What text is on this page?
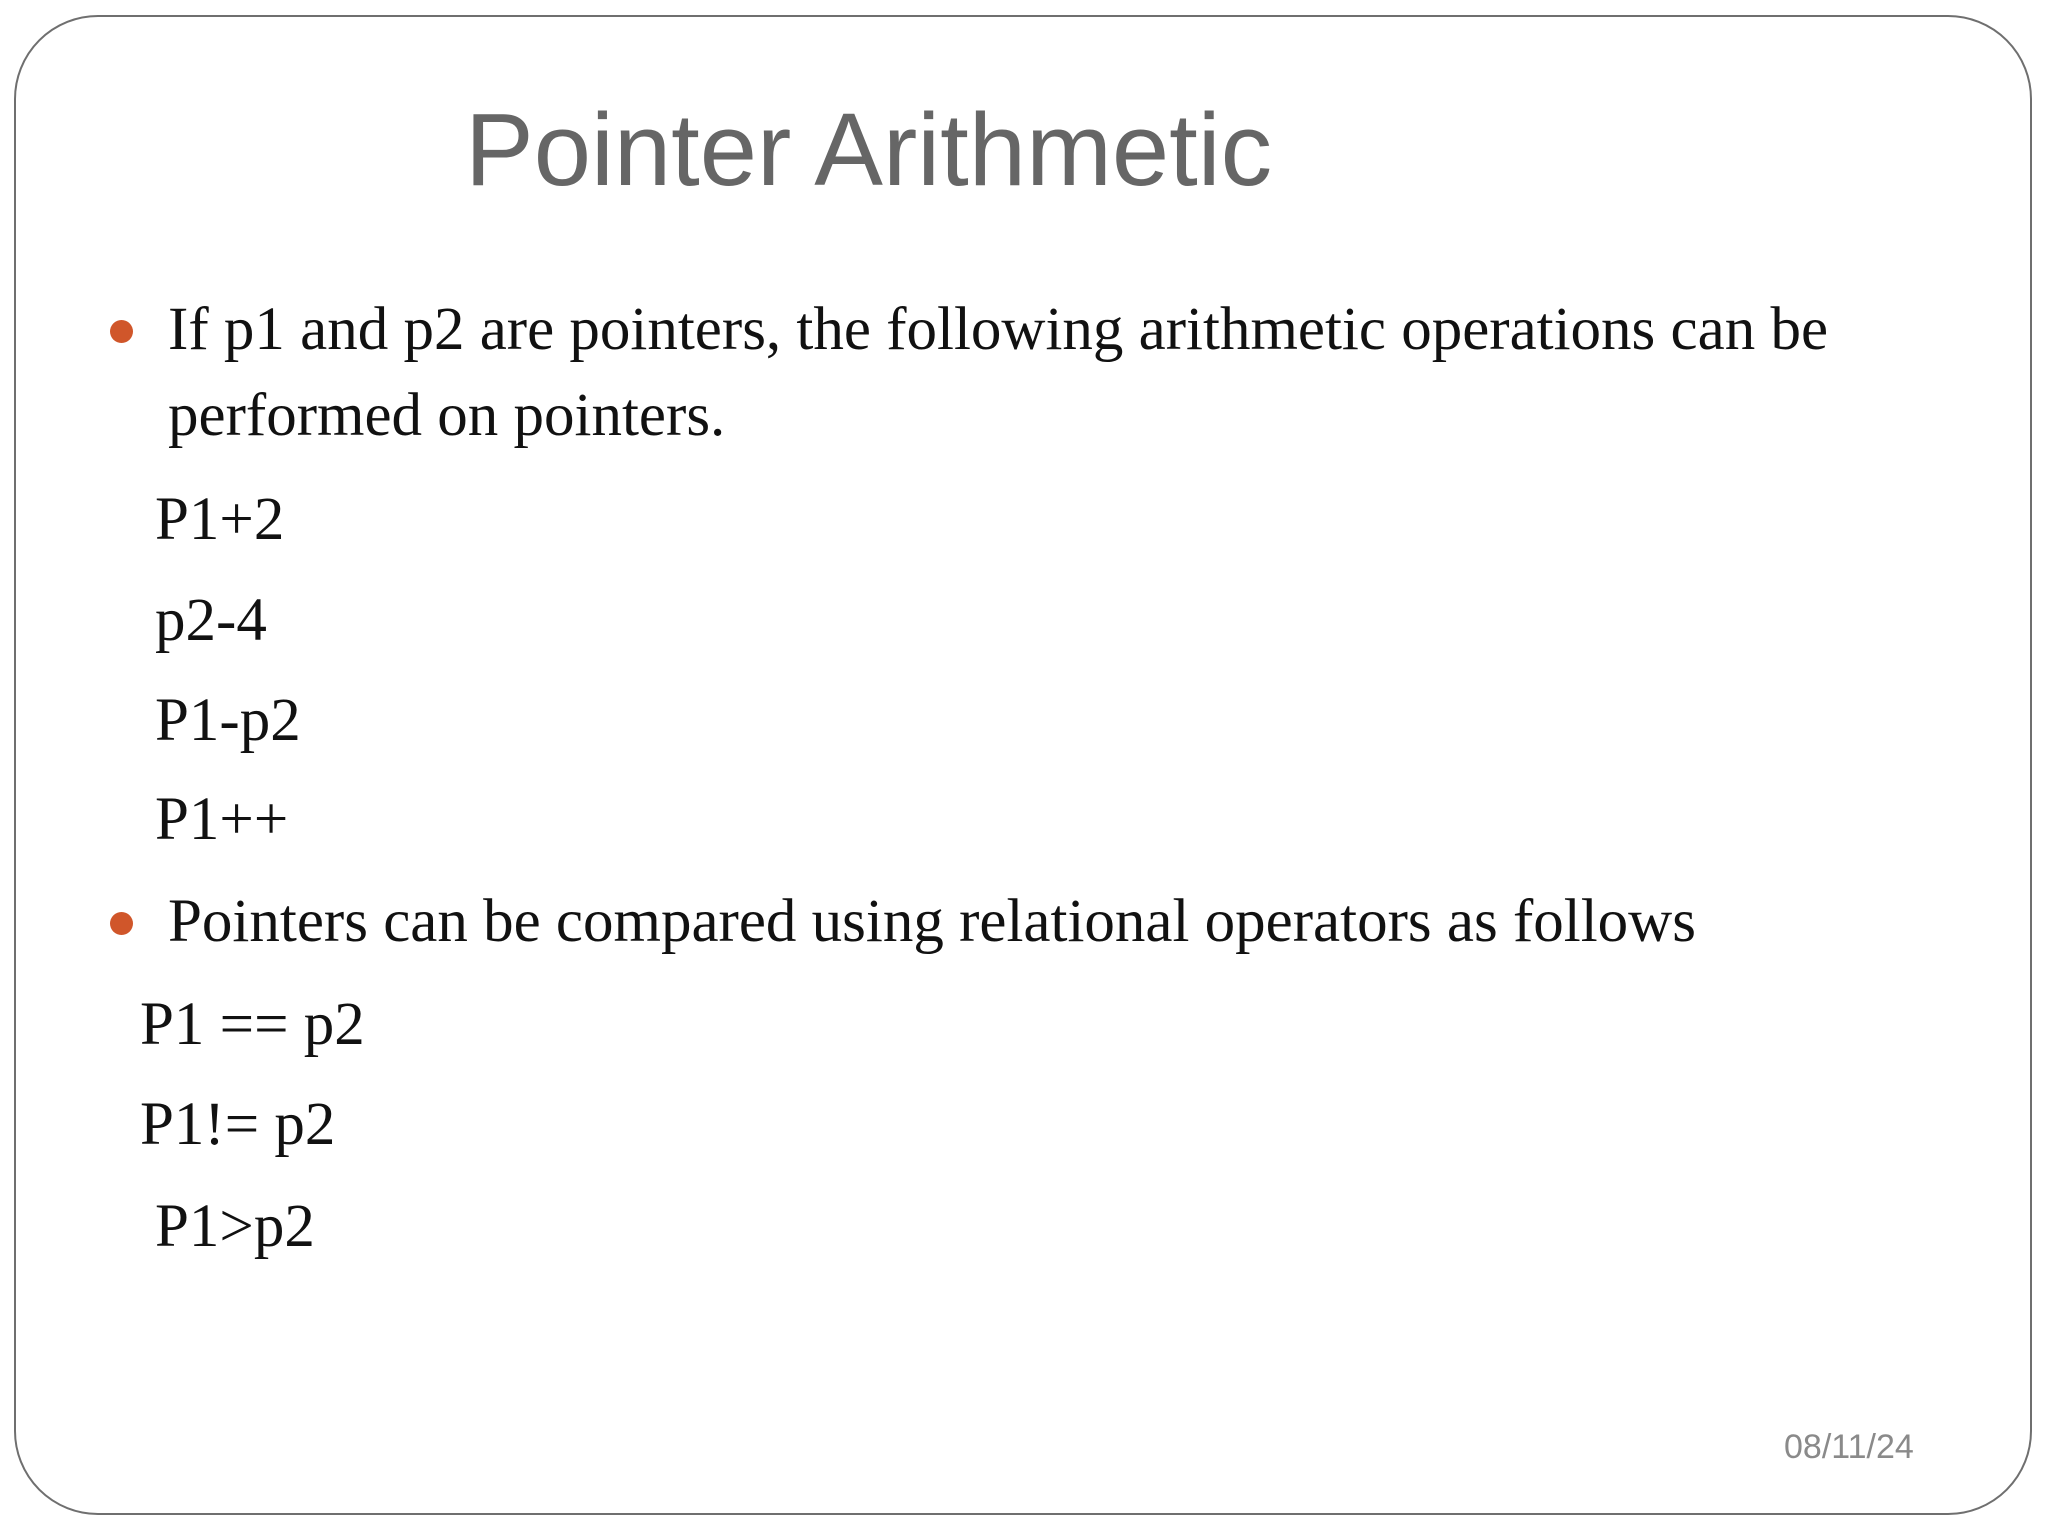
Pointer Arithmetic
If p1 and p2 are pointers, the following arithmetic operations can be performed on pointers.
P1+2
p2-4
P1-p2
P1++
Pointers can be compared using relational operators as follows
P1 == p2
P1!= p2
P1>p2
08/11/24
